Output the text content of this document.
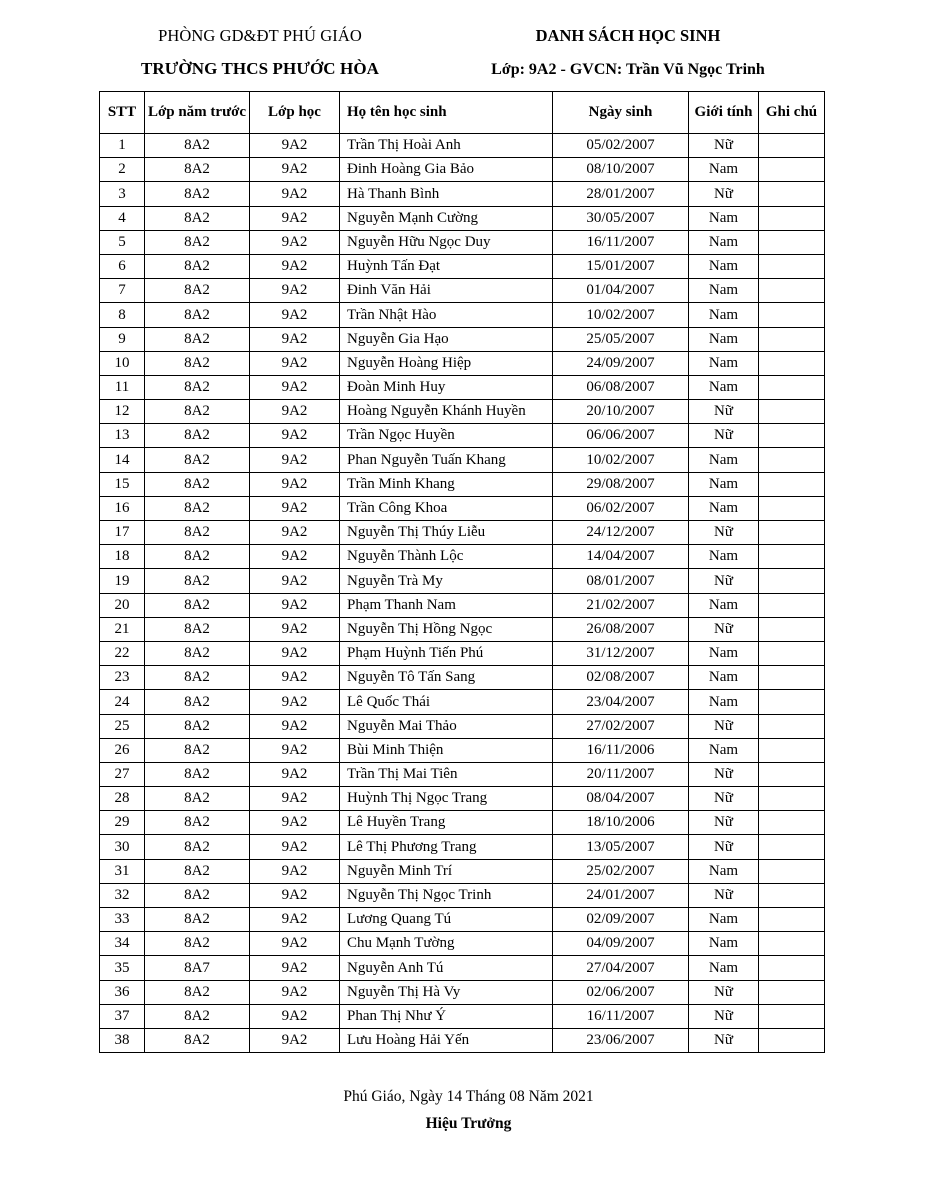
PHÒNG GD&ĐT PHÚ GIÁO	DANH SÁCH HỌC SINH
TRƯỜNG THCS PHƯỚC HÒA	Lớp: 9A2 - GVCN: Trần Vũ Ngọc Trinh
STT	Lớp năm trước	Lớp học	Họ tên học sinh	Ngày sinh	Giới tính	Ghi chú
1	8A2	9A2	Trần Thị Hoài Anh	05/02/2007	Nữ	
2	8A2	9A2	Đinh Hoàng Gia Bảo	08/10/2007	Nam	
3	8A2	9A2	Hà Thanh Bình	28/01/2007	Nữ	
4	8A2	9A2	Nguyễn Mạnh Cường	30/05/2007	Nam	
5	8A2	9A2	Nguyễn Hữu Ngọc Duy	16/11/2007	Nam	
6	8A2	9A2	Huỳnh Tấn Đạt	15/01/2007	Nam	
7	8A2	9A2	Đinh Văn Hải	01/04/2007	Nam	
8	8A2	9A2	Trần Nhật Hào	10/02/2007	Nam	
9	8A2	9A2	Nguyễn Gia Hạo	25/05/2007	Nam	
10	8A2	9A2	Nguyễn Hoàng Hiệp	24/09/2007	Nam	
11	8A2	9A2	Đoàn Minh Huy	06/08/2007	Nam	
12	8A2	9A2	Hoàng Nguyễn Khánh Huyền	20/10/2007	Nữ	
13	8A2	9A2	Trần Ngọc Huyền	06/06/2007	Nữ	
14	8A2	9A2	Phan Nguyễn Tuấn Khang	10/02/2007	Nam	
15	8A2	9A2	Trần Minh Khang	29/08/2007	Nam	
16	8A2	9A2	Trần Công Khoa	06/02/2007	Nam	
17	8A2	9A2	Nguyễn Thị Thúy Liễu	24/12/2007	Nữ	
18	8A2	9A2	Nguyễn Thành Lộc	14/04/2007	Nam	
19	8A2	9A2	Nguyễn Trà My	08/01/2007	Nữ	
20	8A2	9A2	Phạm Thanh Nam	21/02/2007	Nam	
21	8A2	9A2	Nguyễn Thị Hồng Ngọc	26/08/2007	Nữ	
22	8A2	9A2	Phạm Huỳnh Tiến Phú	31/12/2007	Nam	
23	8A2	9A2	Nguyễn Tô Tấn Sang	02/08/2007	Nam	
24	8A2	9A2	Lê Quốc Thái	23/04/2007	Nam	
25	8A2	9A2	Nguyễn Mai Thảo	27/02/2007	Nữ	
26	8A2	9A2	Bùi Minh Thiện	16/11/2006	Nam	
27	8A2	9A2	Trần Thị Mai Tiên	20/11/2007	Nữ	
28	8A2	9A2	Huỳnh Thị Ngọc Trang	08/04/2007	Nữ	
29	8A2	9A2	Lê Huyền Trang	18/10/2006	Nữ	
30	8A2	9A2	Lê Thị Phương Trang	13/05/2007	Nữ	
31	8A2	9A2	Nguyễn Minh Trí	25/02/2007	Nam	
32	8A2	9A2	Nguyễn Thị Ngọc Trinh	24/01/2007	Nữ	
33	8A2	9A2	Lương Quang Tú	02/09/2007	Nam	
34	8A2	9A2	Chu Mạnh Tường	04/09/2007	Nam	
35	8A7	9A2	Nguyễn Anh Tú	27/04/2007	Nam	
36	8A2	9A2	Nguyễn Thị Hà Vy	02/06/2007	Nữ	
37	8A2	9A2	Phan Thị Như Ý	16/11/2007	Nữ	
38	8A2	9A2	Lưu Hoàng Hải Yến	23/06/2007	Nữ	
Phú Giáo, Ngày 14 Tháng 08 Năm 2021
Hiệu Trưởng
